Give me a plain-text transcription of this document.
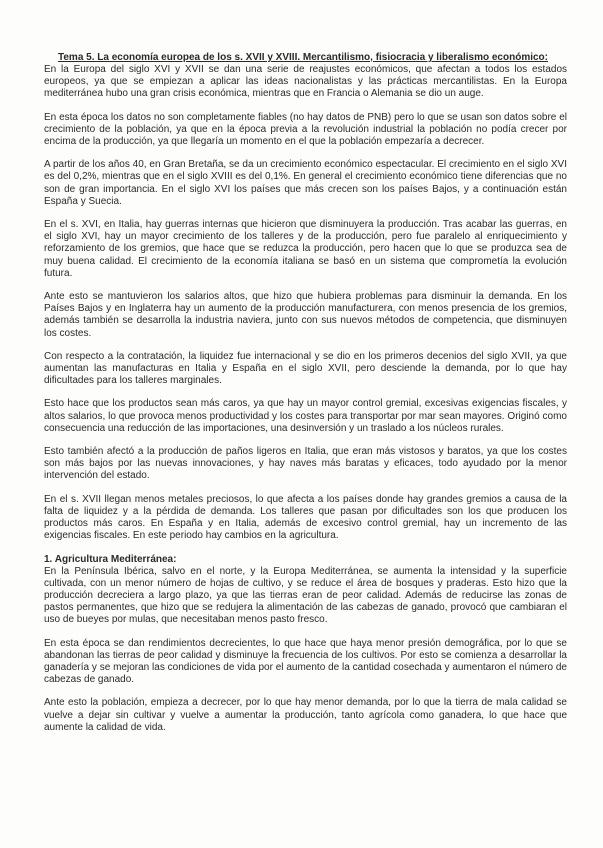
Tema 5. La economía europea de los s. XVII y XVIII. Mercantilismo, fisiocracia y liberalismo económico:

En la Europa del siglo XVI y XVII se dan una serie de reajustes económicos, que afectan a todos los estados europeos, ya que se empiezan a aplicar las ideas nacionalistas y las prácticas mercantilistas. En la Europa mediterránea hubo una gran crisis económica, mientras que en Francia o Alemania se dio un auge.

En esta época los datos no son completamente fiables (no hay datos de PNB) pero lo que se usan son datos sobre el crecimiento de la población, ya que en la época previa a la revolución industrial la población no podía crecer por encima de la producción, ya que llegaría un momento en el que la población empezaría a decrecer.

A partir de los años 40, en Gran Bretaña, se da un crecimiento económico espectacular. El crecimiento en el siglo XVI es del 0,2%, mientras que en el siglo XVIII es del 0,1%. En general el crecimiento económico tiene diferencias que no son de gran importancia. En el siglo XVI los países que más crecen son los países Bajos, y a continuación están España y Suecia.

En el s. XVI, en Italia, hay guerras internas que hicieron que disminuyera la producción. Tras acabar las guerras, en el siglo XVI, hay un mayor crecimiento de los talleres y de la producción, pero fue paralelo al enriquecimiento y reforzamiento de los gremios, que hace que se reduzca la producción, pero hacen que lo que se produzca sea de muy buena calidad. El crecimiento de la economía italiana se basó en un sistema que comprometía la evolución futura.

Ante esto se mantuvieron los salarios altos, que hizo que hubiera problemas para disminuir la demanda. En los Países Bajos y en Inglaterra hay un aumento de la producción manufacturera, con menos presencia de los gremios, además también se desarrolla la industria naviera, junto con sus nuevos métodos de competencia, que disminuyen los costes.

Con respecto a la contratación, la liquidez fue internacional y se dio en los primeros decenios del siglo XVII, ya que aumentan las manufacturas en Italia y España en el siglo XVII, pero desciende la demanda, por lo que hay dificultades para los talleres marginales.

Esto hace que los productos sean más caros, ya que hay un mayor control gremial, excesivas exigencias fiscales, y altos salarios, lo que provoca menos productividad y los costes para transportar por mar sean mayores. Originó como consecuencia una reducción de las importaciones, una desinversión y un traslado a los núcleos rurales.

Esto también afectó a la producción de paños ligeros en Italia, que eran más vistosos y baratos, ya que los costes son más bajos por las nuevas innovaciones, y hay naves más baratas y eficaces, todo ayudado por la menor intervención del estado.

En el s. XVII llegan menos metales preciosos, lo que afecta a los países donde hay grandes gremios a causa de la falta de liquidez y a la pérdida de demanda. Los talleres que pasan por dificultades son los que producen los productos más caros. En España y en Italia, además de excesivo control gremial, hay un incremento de las exigencias fiscales. En este periodo hay cambios en la agricultura.

1. Agricultura Mediterránea:

En la Península Ibérica, salvo en el norte, y la Europa Mediterránea, se aumenta la intensidad y la superficie cultivada, con un menor número de hojas de cultivo, y se reduce el área de bosques y praderas. Esto hizo que la producción decreciera a largo plazo, ya que las tierras eran de peor calidad. Además de reducirse las zonas de pastos permanentes, que hizo que se redujera la alimentación de las cabezas de ganado, provocó que cambiaran el uso de bueyes por mulas, que necesitaban menos pasto fresco.

En esta época se dan rendimientos decrecientes, lo que hace que haya menor presión demográfica, por lo que se abandonan las tierras de peor calidad y disminuye la frecuencia de los cultivos. Por esto se comienza a desarrollar la ganadería y se mejoran las condiciones de vida por el aumento de la cantidad cosechada y aumentaron el número de cabezas de ganado.

Ante esto la población, empieza a decrecer, por lo que hay menor demanda, por lo que la tierra de mala calidad se vuelve a dejar sin cultivar y vuelve a aumentar la producción, tanto agrícola como ganadera, lo que hace que aumente la calidad de vida.
